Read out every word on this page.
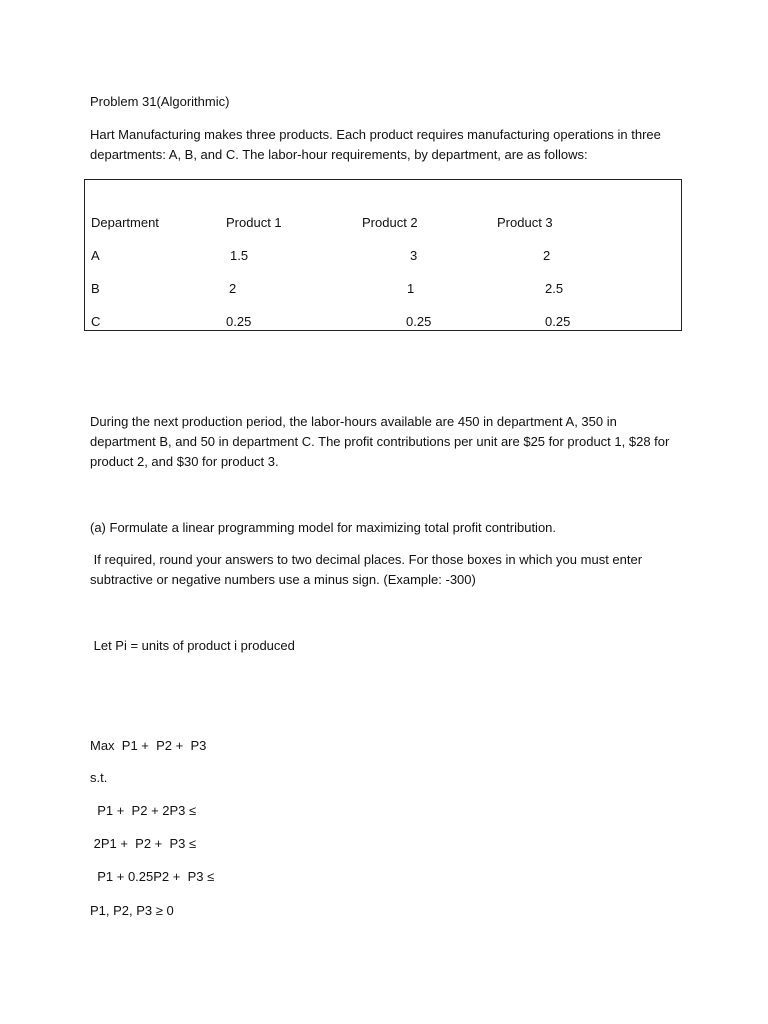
Problem 31(Algorithmic)
Hart Manufacturing makes three products. Each product requires manufacturing operations in three
departments: A, B, and C. The labor-hour requirements, by department, are as follows:
Department	Product 1	Product 2	Product 3
A	1.5	3	2
B	2	1	2.5
C	0.25	0.25	0.25
During the next production period, the labor-hours available are 450 in department A, 350 in
department B, and 50 in department C. The profit contributions per unit are $25 for product 1, $28 for
product 2, and $30 for product 3.
(a) Formulate a linear programming model for maximizing total profit contribution.
If required, round your answers to two decimal places. For those boxes in which you must enter
subtractive or negative numbers use a minus sign. (Example: -300)
Let Pi = units of product i produced
Max  P1 +  P2 +  P3
s.t.
P1 +  P2 + 2P3 ≤
2P1 +  P2 +  P3 ≤
P1 + 0.25P2 +  P3 ≤
P1, P2, P3 ≥ 0
